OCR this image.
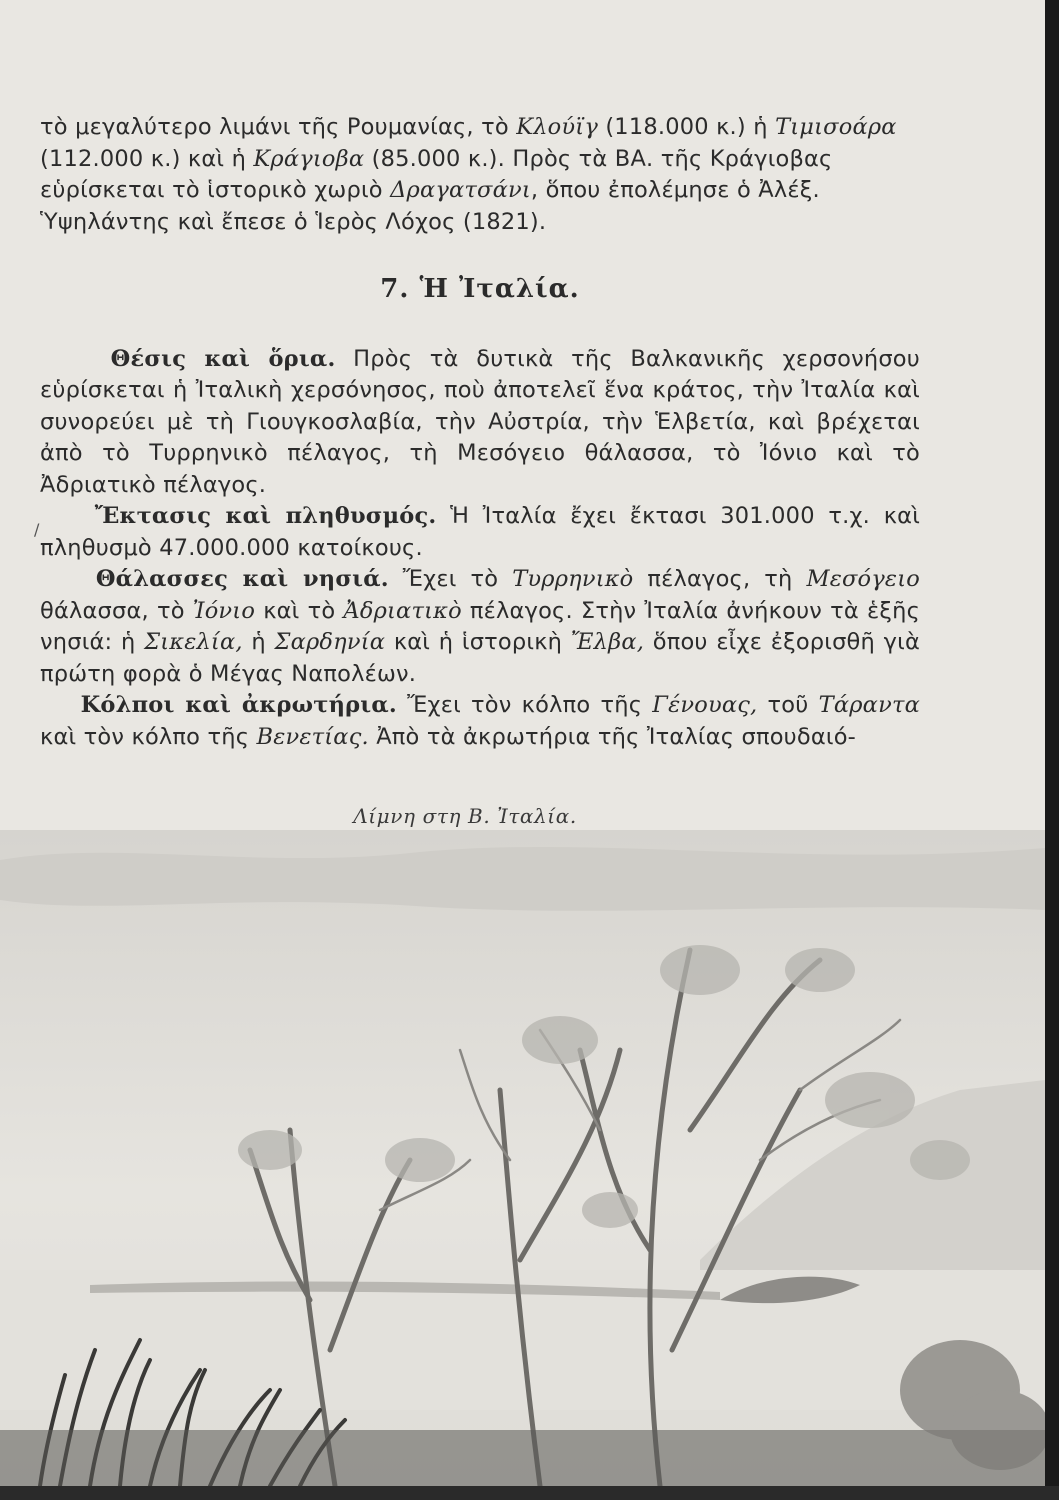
/

τὸ μεγαλύτερο λιμάνι τῆς Ρουμανίας, τὸ Κλούϊγ (118.000 κ.) ἡ Τιμισοάρα (112.000 κ.) καὶ ἡ Κράγιοβα (85.000 κ.). Πρὸς τὰ ΒΑ. τῆς Κράγιοβας εὑρίσκεται τὸ ἱστορικὸ χωριὸ Δραγατσάνι, ὅπου ἐπολέμησε ὁ Ἀλέξ. Ὑψηλάντης καὶ ἔπεσε ὁ Ἱερὸς Λόχος (1821).

7. Ἡ Ἰταλία.

Θέσις καὶ ὅρια. Πρὸς τὰ δυτικὰ τῆς Βαλκανικῆς χερσονήσου εὑρίσκεται ἡ Ἰταλικὴ χερσόνησος, ποὺ ἀποτελεῖ ἕνα κράτος, τὴν Ἰταλία καὶ συνορεύει μὲ τὴ Γιουγκοσλαβία, τὴν Αὐστρία, τὴν Ἑλβετία, καὶ βρέχεται ἀπὸ τὸ Τυρρηνικὸ πέλαγος, τὴ Μεσόγειο θάλασσα, τὸ Ἰόνιο καὶ τὸ Ἀδριατικὸ πέλαγος.

Ἔκτασις καὶ πληθυσμός. Ἡ Ἰταλία ἔχει ἔκτασι 301.000 τ.χ. καὶ πληθυσμὸ 47.000.000 κατοίκους.

Θάλασσες καὶ νησιά. Ἔχει τὸ Τυρρηνικὸ πέλαγος, τὴ Μεσόγειο θάλασσα, τὸ Ἰόνιο καὶ τὸ Ἀδριατικὸ πέλαγος. Στὴν Ἰταλία ἀνήκουν τὰ ἑξῆς νησιά: ἡ Σικελία, ἡ Σαρδηνία καὶ ἡ ἱστορικὴ Ἔλβα, ὅπου εἶχε ἐξορισθῆ γιὰ πρώτη φορὰ ὁ Μέγας Ναπολέων.

Κόλποι καὶ ἀκρωτήρια. Ἔχει τὸν κόλπο τῆς Γένουας, τοῦ Τάραντα καὶ τὸν κόλπο τῆς Βενετίας. Ἀπὸ τὰ ἀκρωτήρια τῆς Ἰταλίας σπουδαιό-

Λίμνη στη Β. Ἰταλία.
